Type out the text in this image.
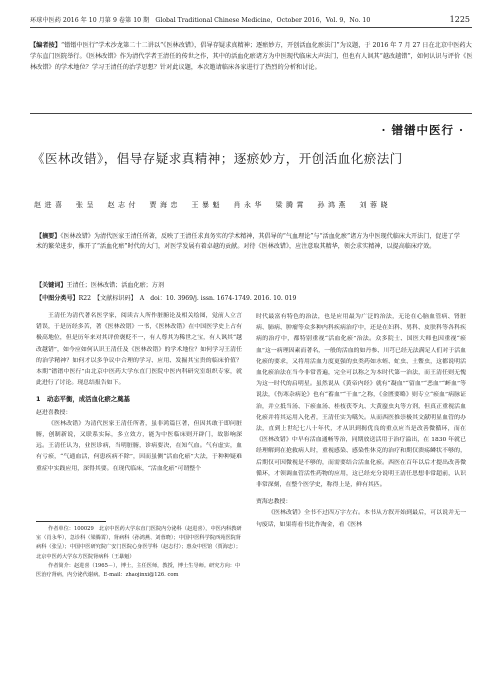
环球中医药 2016 年 10 月第 9 卷第 10 期　Global Traditional Chinese Medicine，October 2016，Vol. 9，No. 10	1225
【编者按】“镨镨中医行”学术沙龙第二十二讲以“《医林改错》，倡导存疑求真精神；逐瘀妙方，开创活血化瘀法门”为议题，于 2016 年 7 月 27 日在北京中医药大学东直门医院举行。《医林改错》作为清代学者王清任的传世之作，其中的活血化瘀诸方为中医现代临床大声法门，但也有人讽其“越改越错”，如何认识与评价《医林改错》的学术地位？学习王清任的治学思想？针对此议题，本次邀请临床各家进行了热烈的分析和讨论。
· 镨镨中医行 ·
《医林改错》，倡导存疑求真精神；逐瘀妙方，开创活血化瘀法门
赵进喜　张呈　赵志付　贾海忠　王暴魁　肖永华　梁腾霄　孙鸿燕　刘蓉晓
【摘要】《医林改错》为清代医家王清任所著，反映了王清任求真务实的学术精神，其倡导的“气血理论”与“活血化瘀”诸方为中医现代临床大开法门，促进了学术的繁荣进步，推开了“活血化瘀”时代的大门，对医学发展有着卓越的贡献。对待《医林改错》，应注意取其精华，领会求实精神，以提高临床疗效。
【关键词】王清任；医林改错；活血化瘀；方剂
【中图分类号】R22　【文献标识码】　A　doi：10. 3969/j. issn. 1674-1749. 2016. 10. 019

王清任为清代著名医学家，阅读古人所作脏腑论及相关绘图，觉前人立言错误，于是历经多苦，著《医林改错》一书，《医林改错》在中国医学史上占有极高地位，但是历年来对其评价褒贬不一，有人尊其为稀世之宝，有人讽其“越改越错”，如今应如何认识王清任及《医林改错》的学术地位？如何学习王清任的治学精神？如何才以多争议中合理的学习、应用、发掘其宝贵的临床价值？本期“镨镨中医行”由北京中医药大学东直门医院中医内科研究室组织专家，就此进行了讨论。现总结报告如下。

1　动态平衡，成活血化瘀之奠基

赵进喜教授：

《医林改错》为清代医家王清任所著，虽非鸿篇巨著，但因其敢于即问脏腑，创制新说，又联系实际，多立效方，能为中医临床则开辟门，故影响深远。王清任认为，业医诊病，当明脏腑，诊病要决，在知气血。气有虚实，血有亏瘀，“气通血活，何患疾病不除”，因而虽侧“活血化瘀”大法，于种种疑难重症中实践应用，深得其要。在现代临床，“活血化瘀”可谓整个

作者单位：100029　北京中医药大学东直门医院内分泌科（赵进喜），中医内科教研室（肖永华），急诊科（梁腾霄），肾病科（孙鸿燕、刘蓉晓）；中国中医科学院西苑医院肾病科（张呈）；中国中医研究院广安门医院心身医学科（赵志付）；惠众中医馆（贾海忠）；北京中医药大学东方医院肾病科（王暴魁）

作者简介：赵进喜（1965－），博士，主任医师，教授，博士生导师。研究方向：中医治疗肾病，内分泌代谢病。E-mail：zhaojinxi@126. com

时代最富有特色的治法，也是应用最为广泛的治法，无论在心脑血管病、肾脏病、肺病、肿瘤等众多种内科疾病治疗中，还是在妇科、男科、皮肤科等各科疾病的治疗中，都特别重视“活血化瘀”治法。众多院士、国医大师也因重视“瘀血”这一病理因素而著名，一般的活血的如丹参、川芎已经无法满足人们对于活血化瘀的要求，又将用活血力度更强的虫类药如水蛭、虻虫、土鳖虫，这都说明活血化瘀治法在当今非常普遍，完全可以称之为本时代第一治法，而王清任则无愧为这一时代的启明星。虽然说从《黄帝内经》就有“凝血”“留血”“恶血”“衃血”等说法，《伤寒杂病论》也有“蓄血”“干血”之称，《金匮要略》则专立“瘀血”病脉证治，并立抵当汤、下瘀血汤、桂枝茯苓丸、大黄䗪虫丸等方剂，但真正重视活血化瘀并将其运用入化者，王清任实为嚆矢。从而西医推崇极其文献明显血管的办法，直到上世纪七八十年代，才从识到揭优良的重点应当是改善微循环，而在《医林改错》中早有活血通畅等治，同期放送活用于治疗溢出，在 1830 年就已经理解到在抢救病人时，重视感染、感染性休克的治疗和期仅溃疡鳞状不够的，后期仅可因微视是不够的，而需要结合活血化瘀。西医在百年以后才提出改善微循环，才领调血管活性药物的应用，这已经充分说明王清任思想非常超前，认识非常深刻，在整个医学史，称得上是，鲜有其匹。

贾海忠教授：

《医林改错》全书不过四万字左右。本书从方叙开始到最后，可以说并无一句废话，如果将看书比作淘金，看《医林
